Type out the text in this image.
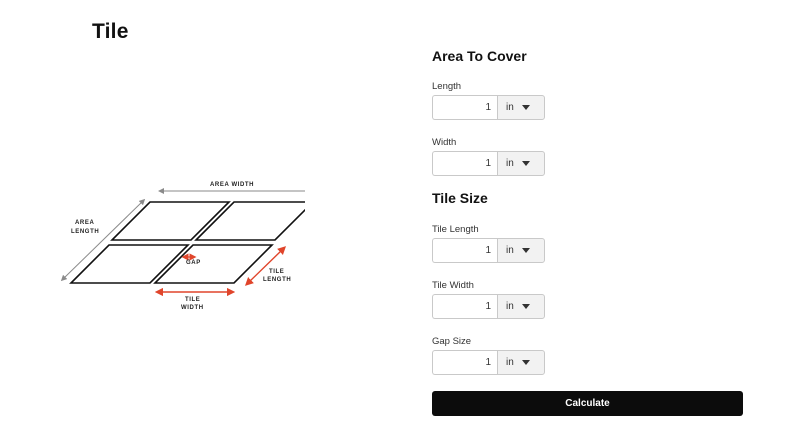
Tile
AREA WIDTH
AREA
LENGTH
GAP
TILE
LENGTH
TILE
WIDTH
Area To Cover
Length
1
in
Width
1
in
Tile Size
Tile Length
1
in
Tile Width
1
in
Gap Size
1
in
Calculate
